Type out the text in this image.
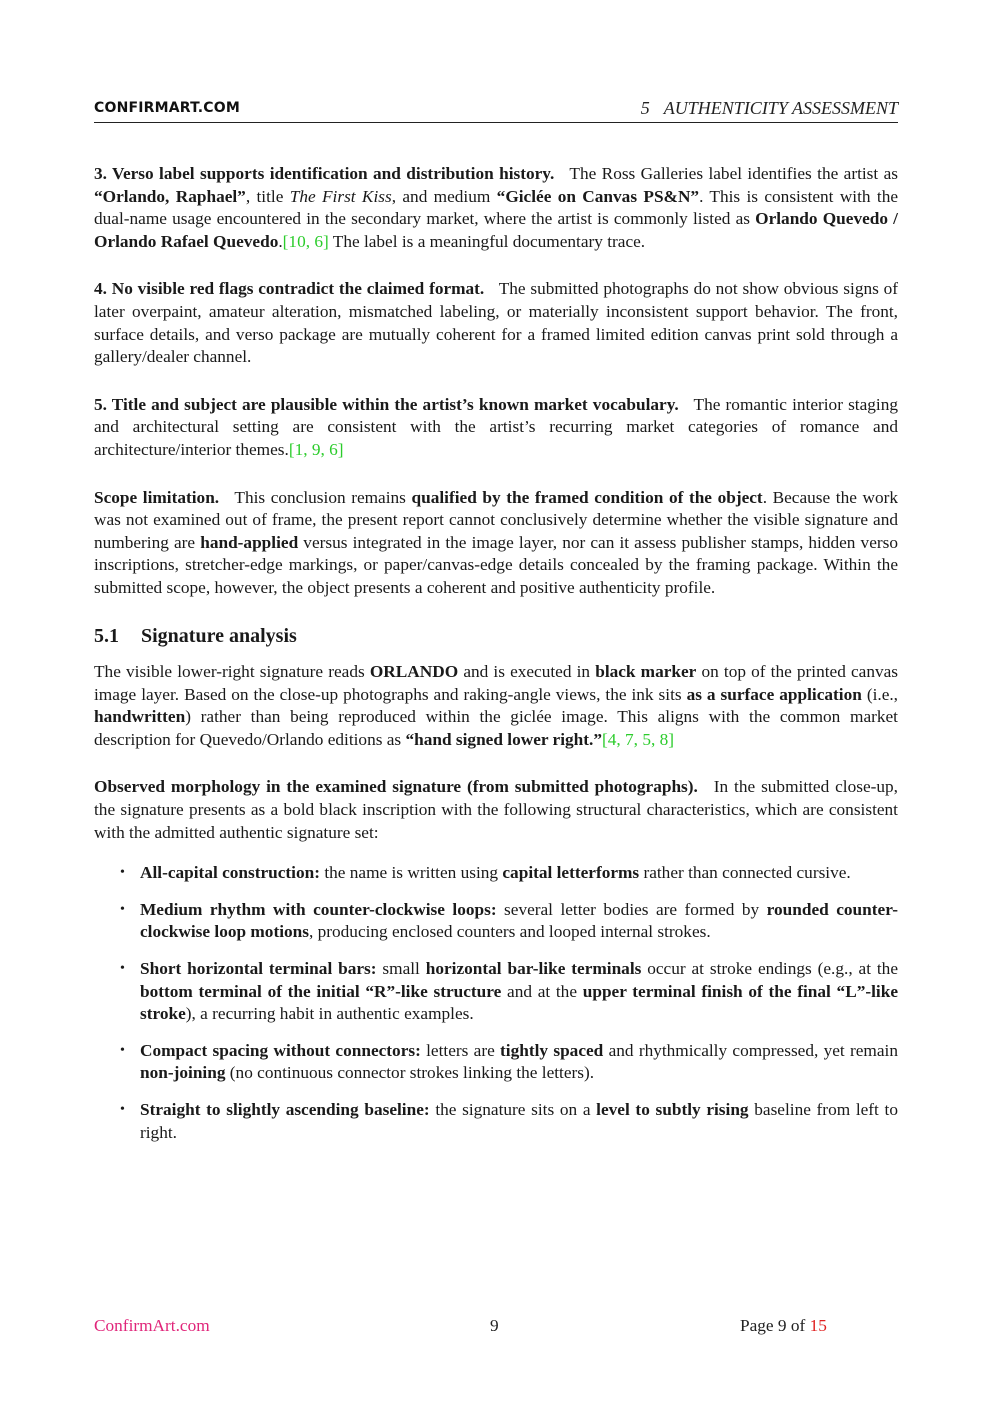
CONFIRMART.COM	5 AUTHENTICITY ASSESSMENT

3. Verso label supports identification and distribution history. The Ross Galleries label identifies the artist as “Orlando, Raphael”, title The First Kiss, and medium “Giclée on Canvas PS&N”. This is consistent with the dual-name usage encountered in the secondary market, where the artist is commonly listed as Orlando Quevedo / Orlando Rafael Quevedo.[10, 6] The label is a meaningful documentary trace.

4. No visible red flags contradict the claimed format. The submitted photographs do not show obvious signs of later overpaint, amateur alteration, mismatched labeling, or materially inconsistent support behavior. The front, surface details, and verso package are mutually coherent for a framed limited edition canvas print sold through a gallery/dealer channel.

5. Title and subject are plausible within the artist’s known market vocabulary. The romantic interior staging and architectural setting are consistent with the artist’s recurring market categories of romance and architecture/interior themes.[1, 9, 6]

Scope limitation. This conclusion remains qualified by the framed condition of the object. Because the work was not examined out of frame, the present report cannot conclusively determine whether the visible signature and numbering are hand-applied versus integrated in the image layer, nor can it assess publisher stamps, hidden verso inscriptions, stretcher-edge markings, or paper/canvas-edge details concealed by the framing package. Within the submitted scope, however, the object presents a coherent and positive authenticity profile.

5.1 Signature analysis

The visible lower-right signature reads ORLANDO and is executed in black marker on top of the printed canvas image layer. Based on the close-up photographs and raking-angle views, the ink sits as a surface application (i.e., handwritten) rather than being reproduced within the giclée image. This aligns with the common market description for Quevedo/Orlando editions as “hand signed lower right.”[4, 7, 5, 8]

Observed morphology in the examined signature (from submitted photographs). In the submitted close-up, the signature presents as a bold black inscription with the following structural characteristics, which are consistent with the admitted authentic signature set:

• All-capital construction: the name is written using capital letterforms rather than connected cursive.
• Medium rhythm with counter-clockwise loops: several letter bodies are formed by rounded counter-clockwise loop motions, producing enclosed counters and looped internal strokes.
• Short horizontal terminal bars: small horizontal bar-like terminals occur at stroke endings (e.g., at the bottom terminal of the initial “R”-like structure and at the upper terminal finish of the final “L”-like stroke), a recurring habit in authentic examples.
• Compact spacing without connectors: letters are tightly spaced and rhythmically compressed, yet remain non-joining (no continuous connector strokes linking the letters).
• Straight to slightly ascending baseline: the signature sits on a level to subtly rising baseline from left to right.
ConfirmArt.com	9	Page 9 of 15
